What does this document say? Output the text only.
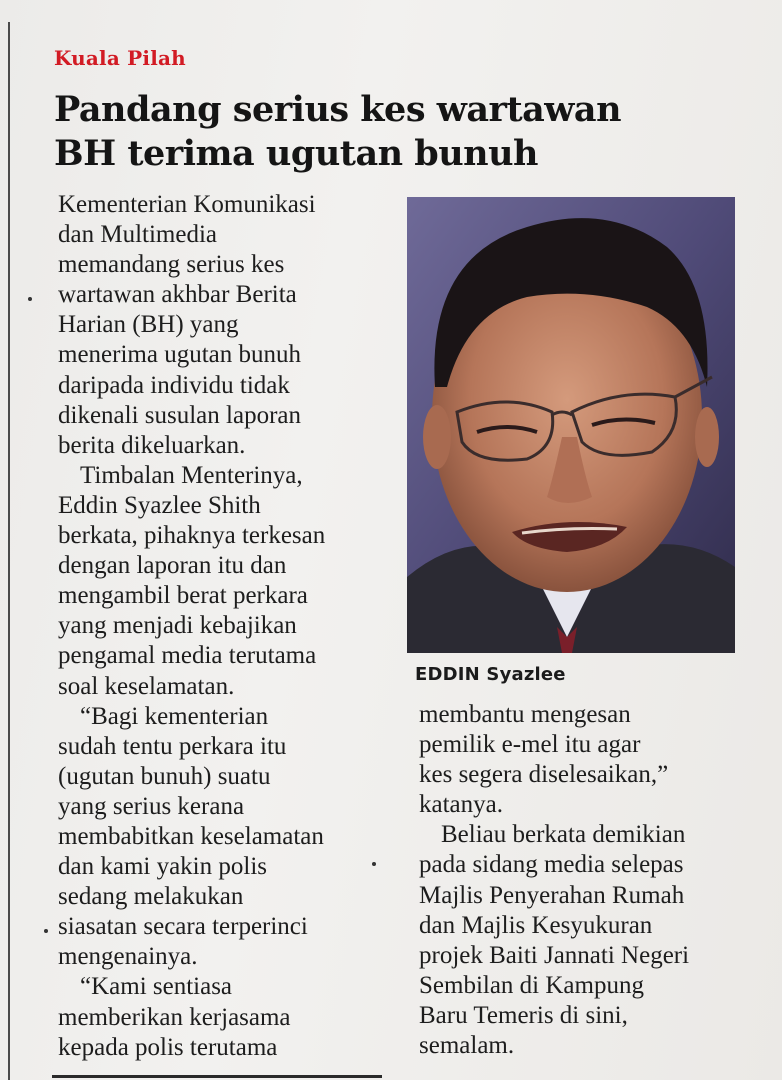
Kuala Pilah
Pandang serius kes wartawan
BH terima ugutan bunuh

Kementerian Komunikasi

dan Multimedia

memandang serius kes

wartawan akhbar Berita

Harian (BH) yang

menerima ugutan bunuh

daripada individu tidak

dikenali susulan laporan

berita dikeluarkan.

Timbalan Menterinya,

Eddin Syazlee Shith

berkata, pihaknya terkesan

dengan laporan itu dan

mengambil berat perkara

yang menjadi kebajikan

pengamal media terutama

soal keselamatan.

“Bagi kementerian

sudah tentu perkara itu

(ugutan bunuh) suatu

yang serius kerana

membabitkan keselamatan

dan kami yakin polis

sedang melakukan

siasatan secara terperinci

mengenainya.

“Kami sentiasa

memberikan kerjasama

kepada polis terutama

EDDIN Syazlee

membantu mengesan

pemilik e-mel itu agar

kes segera diselesaikan,”

katanya.

Beliau berkata demikian

pada sidang media selepas

Majlis Penyerahan Rumah

dan Majlis Kesyukuran

projek Baiti Jannati Negeri

Sembilan di Kampung

Baru Temeris di sini,

semalam.
